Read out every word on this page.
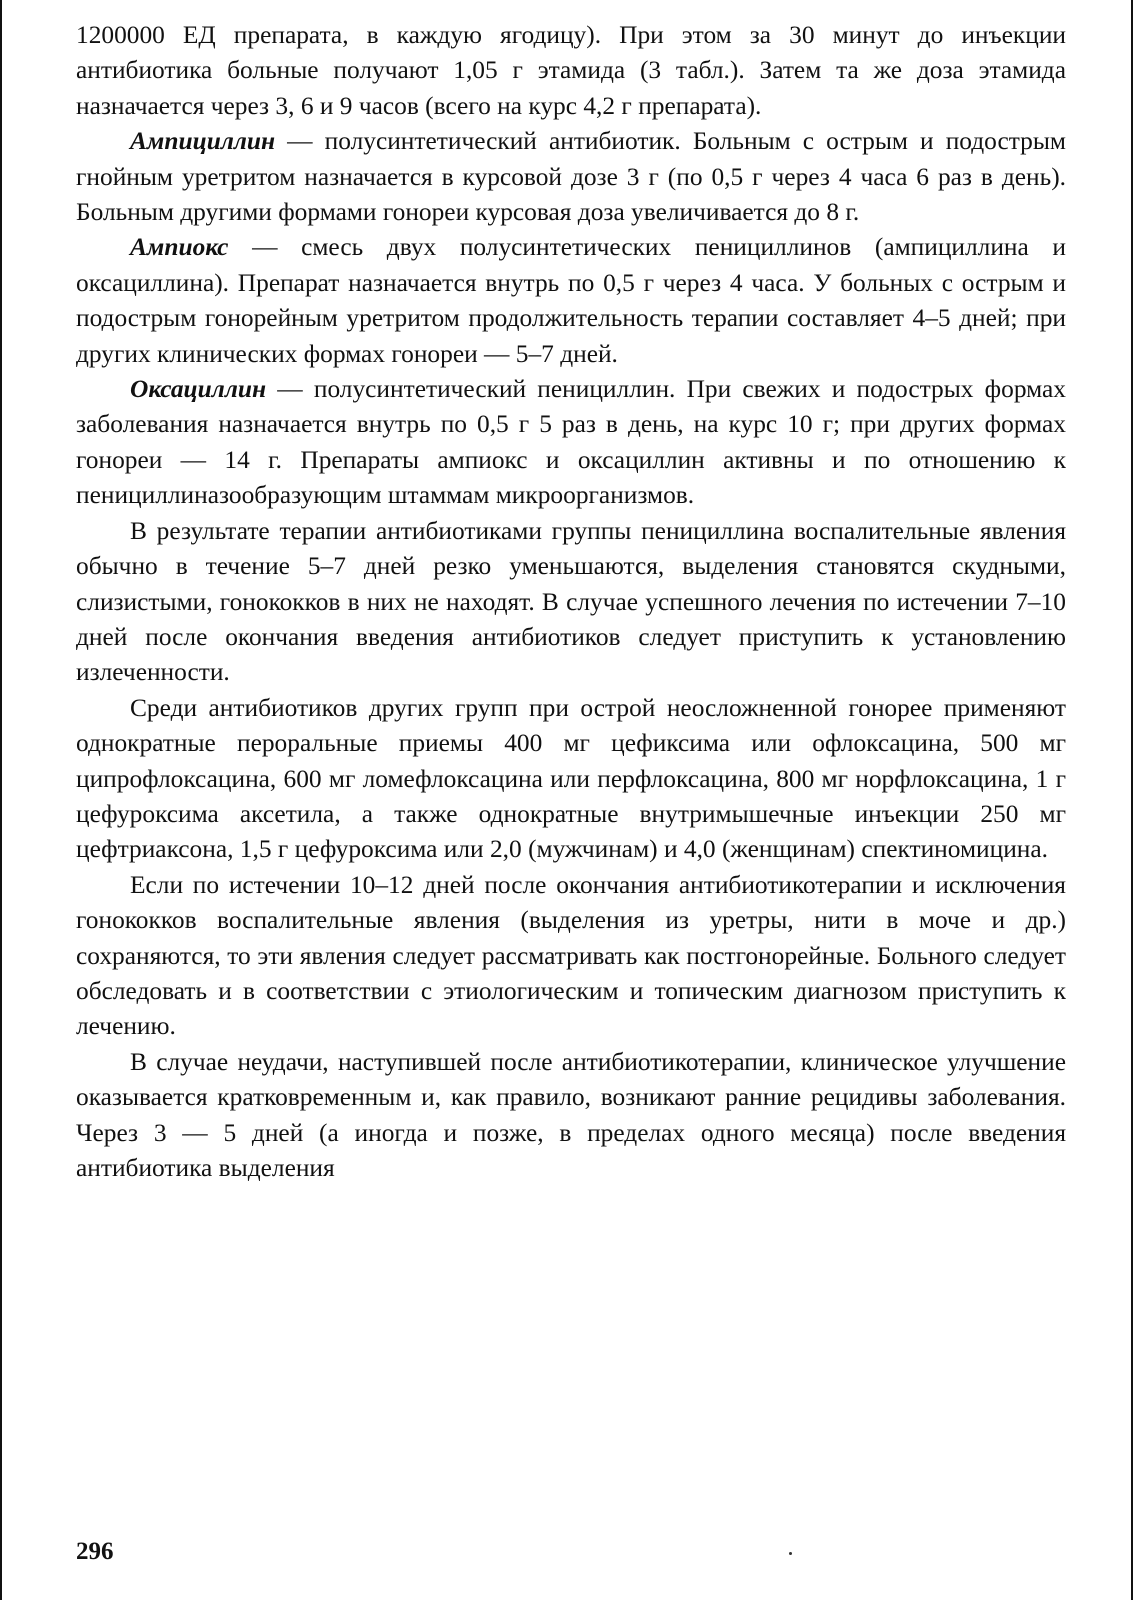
1200000 ЕД препарата, в каждую ягодицу). При этом за 30 минут до инъекции антибиотика больные получают 1,05 г этамида (3 табл.). Затем та же доза этамида назначается через 3, 6 и 9 часов (всего на курс 4,2 г препарата).

Ампициллин — полусинтетический антибиотик. Больным с острым и подострым гнойным уретритом назначается в курсовой дозе 3 г (по 0,5 г через 4 часа 6 раз в день). Больным другими формами гонореи курсовая доза увеличивается до 8 г.

Ампиокс — смесь двух полусинтетических пенициллинов (ампициллина и оксациллина). Препарат назначается внутрь по 0,5 г через 4 часа. У больных с острым и подострым гонорейным уретритом продолжительность терапии составляет 4–5 дней; при других клинических формах гонореи — 5–7 дней.

Оксациллин — полусинтетический пенициллин. При свежих и подострых формах заболевания назначается внутрь по 0,5 г 5 раз в день, на курс 10 г; при других формах гонореи — 14 г. Препараты ампиокс и оксациллин активны и по отношению к пенициллиназообразующим штаммам микроорганизмов.

В результате терапии антибиотиками группы пенициллина воспалительные явления обычно в течение 5–7 дней резко уменьшаются, выделения становятся скудными, слизистыми, гонококков в них не находят. В случае успешного лечения по истечении 7–10 дней после окончания введения антибиотиков следует приступить к установлению излеченности.

Среди антибиотиков других групп при острой неосложненной гонорее применяют однократные пероральные приемы 400 мг цефиксима или офлоксацина, 500 мг ципрофлоксацина, 600 мг ломефлоксацина или перфлоксацина, 800 мг норфлоксацина, 1 г цефуроксима аксетила, а также однократные внутримышечные инъекции 250 мг цефтриаксона, 1,5 г цефуроксима или 2,0 (мужчинам) и 4,0 (женщинам) спектиномицина.

Если по истечении 10–12 дней после окончания антибиотикотерапии и исключения гонококков воспалительные явления (выделения из уретры, нити в моче и др.) сохраняются, то эти явления следует рассматривать как постгонорейные. Больного следует обследовать и в соответствии с этиологическим и топическим диагнозом приступить к лечению.

В случае неудачи, наступившей после антибиотикотерапии, клиническое улучшение оказывается кратковременным и, как правило, возникают ранние рецидивы заболевания. Через 3 — 5 дней (а иногда и позже, в пределах одного месяца) после введения антибиотика выделения

296
